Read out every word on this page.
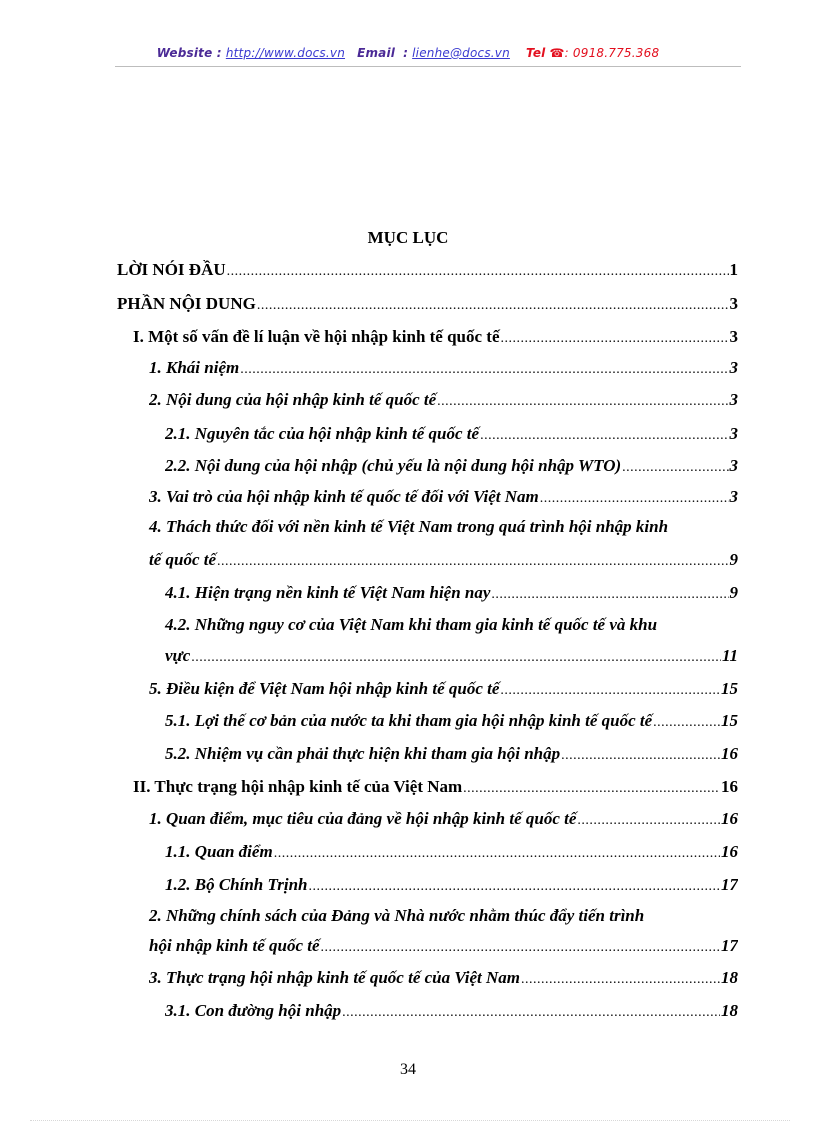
Website : http://www.docs.vn Email : lienhe@docs.vn Tel ☎: 0918.775.368
MỤC LỤC
LỜI NÓI ĐẦU .....	1
PHẦN NỘI DUNG .....	3
I. Một số vấn đề lí luận về hội nhập kinh tế quốc tế .....	3
1. Khái niệm .....	3
2. Nội dung của hội nhập kinh tế quốc tế .....	3
2.1. Nguyên tắc của hội nhập kinh tế quốc tế .....	3
2.2. Nội dung của hội nhập (chủ yếu là nội dung hội nhập WTO) .....	3
3. Vai trò của hội nhập kinh tế quốc tế đối với Việt Nam .....	3
4. Thách thức đối với nền kinh tế Việt Nam trong quá trình hội nhập kinh
tế quốc tế .....	9
4.1. Hiện trạng nền kinh tế Việt Nam hiện nay .....	9
4.2. Những nguy cơ của Việt Nam khi tham gia kinh tế quốc tế và khu
vực .....	11
5. Điều kiện để Việt Nam hội nhập kinh tế quốc tế .....	15
5.1. Lợi thế cơ bản của nước ta khi tham gia hội nhập kinh tế quốc tế .....	15
5.2. Nhiệm vụ cần phải thực hiện khi tham gia hội nhập .....	16
II. Thực trạng hội nhập kinh tế của Việt Nam .....	16
1. Quan điểm, mục tiêu của đảng về hội nhập kinh tế quốc tế .....	16
1.1. Quan điểm .....	16
1.2. Bộ Chính Trịnh .....	17
2. Những chính sách của Đảng và Nhà nước nhằm thúc đẩy tiến trình
hội nhập kinh tế quốc tế .....	17
3. Thực trạng hội nhập kinh tế quốc tế của Việt Nam .....	18
3.1. Con đường hội nhập .....	18
34
